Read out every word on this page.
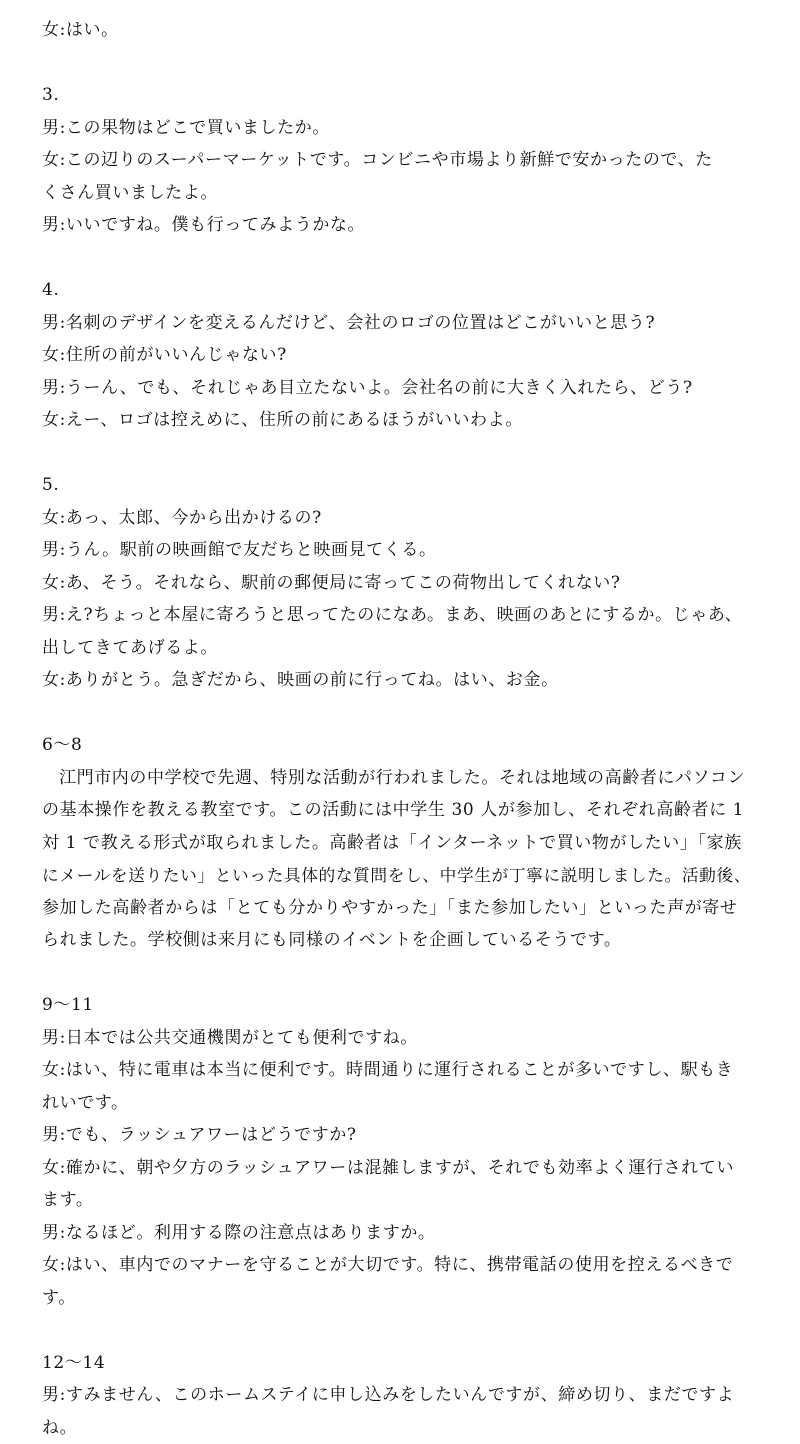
女:はい。

3.

男:この果物はどこで買いましたか。

女:この辺りのスーパーマーケットです。コンビニや市場より新鮮で安かったので、た

くさん買いましたよ。

男:いいですね。僕も行ってみようかな。

4.

男:名刺のデザインを変えるんだけど、会社のロゴの位置はどこがいいと思う?

女:住所の前がいいんじゃない?

男:うーん、でも、それじゃあ目立たないよ。会社名の前に大きく入れたら、どう?

女:えー、ロゴは控えめに、住所の前にあるほうがいいわよ。

5.

女:あっ、太郎、今から出かけるの?

男:うん。駅前の映画館で友だちと映画見てくる。

女:あ、そう。それなら、駅前の郵便局に寄ってこの荷物出してくれない?

男:え?ちょっと本屋に寄ろうと思ってたのになあ。まあ、映画のあとにするか。じゃあ、

出してきてあげるよ。

女:ありがとう。急ぎだから、映画の前に行ってね。はい、お金。

6〜8

江門市内の中学校で先週、特別な活動が行われました。それは地域の高齢者にパソコン

の基本操作を教える教室です。この活動には中学生 30 人が参加し、それぞれ高齢者に 1

対 1 で教える形式が取られました。高齢者は「インターネットで買い物がしたい」「家族

にメールを送りたい」といった具体的な質問をし、中学生が丁寧に説明しました。活動後、

参加した高齢者からは「とても分かりやすかった」「また参加したい」といった声が寄せ

られました。学校側は来月にも同様のイベントを企画しているそうです。

9〜11

男:日本では公共交通機関がとても便利ですね。

女:はい、特に電車は本当に便利です。時間通りに運行されることが多いですし、駅もき

れいです。

男:でも、ラッシュアワーはどうですか?

女:確かに、朝や夕方のラッシュアワーは混雑しますが、それでも効率よく運行されてい

ます。

男:なるほど。利用する際の注意点はありますか。

女:はい、車内でのマナーを守ることが大切です。特に、携帯電話の使用を控えるべきで

す。

12〜14

男:すみません、このホームステイに申し込みをしたいんですが、締め切り、まだですよ

ね。
